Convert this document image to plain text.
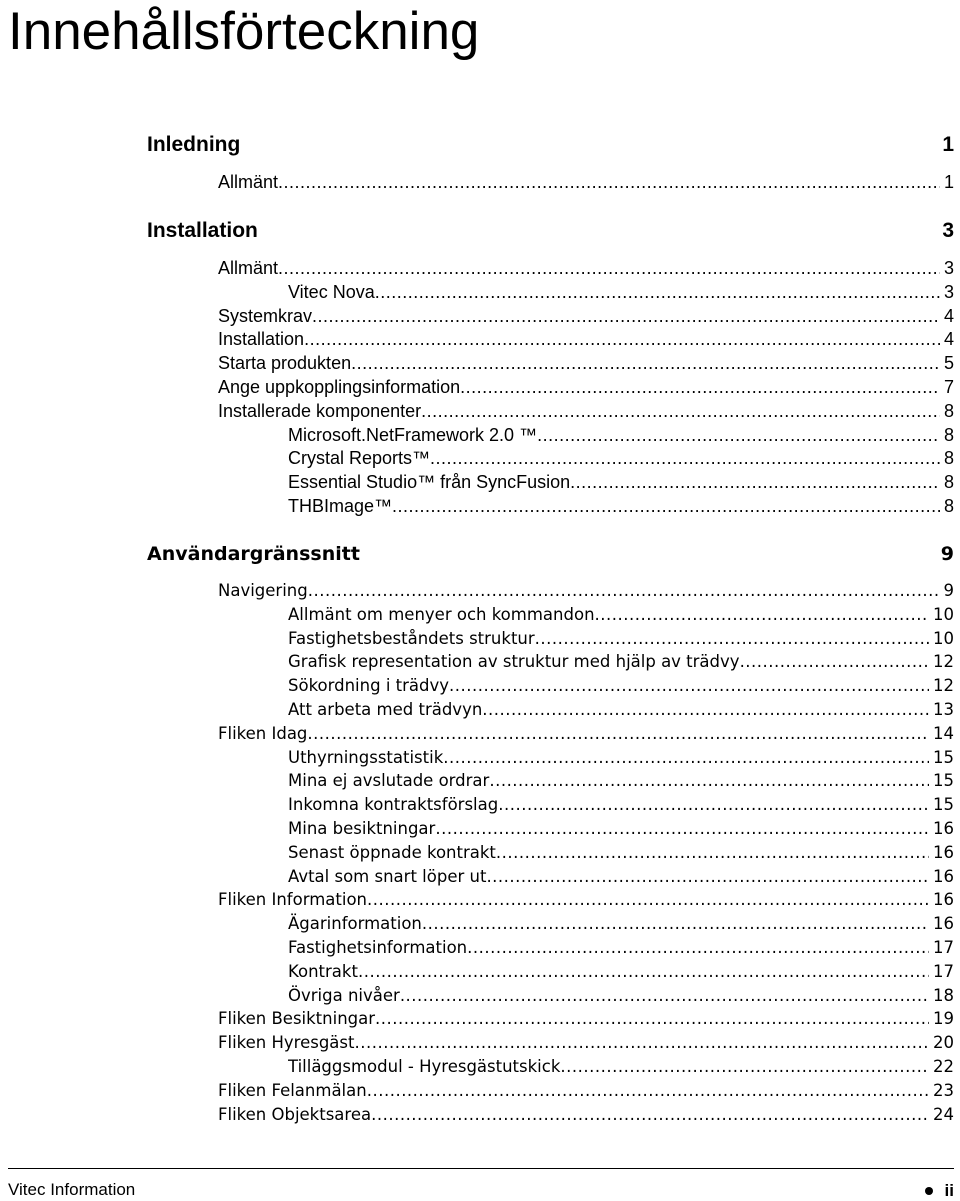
Innehållsförteckning
Inledning	1
Allmänt .....	1
Installation	3
Allmänt .....	3
Vitec Nova .....	3
Systemkrav .....	4
Installation .....	4
Starta produkten .....	5
Ange uppkopplingsinformation .....	7
Installerade komponenter .....	8
Microsoft.NetFramework 2.0 ™ .....	8
Crystal Reports™ .....	8
Essential Studio™ från SyncFusion .....	8
THBImage™ .....	8
Användargränssnitt	9
Navigering .....	9
Allmänt om menyer och kommandon .....	10
Fastighetsbeståndets struktur .....	10
Grafisk representation av struktur med hjälp av trädvy .....	12
Sökordning i trädvy .....	12
Att arbeta med trädvyn .....	13
Fliken Idag .....	14
Uthyrningsstatistik .....	15
Mina ej avslutade ordrar .....	15
Inkomna kontraktsförslag .....	15
Mina besiktningar .....	16
Senast öppnade kontrakt .....	16
Avtal som snart löper ut .....	16
Fliken Information .....	16
Ägarinformation .....	16
Fastighetsinformation .....	17
Kontrakt .....	17
Övriga nivåer .....	18
Fliken Besiktningar .....	19
Fliken Hyresgäst .....	20
Tilläggsmodul - Hyresgästutskick .....	22
Fliken Felanmälan .....	23
Fliken Objektsarea .....	24
Vitec Information	ii
